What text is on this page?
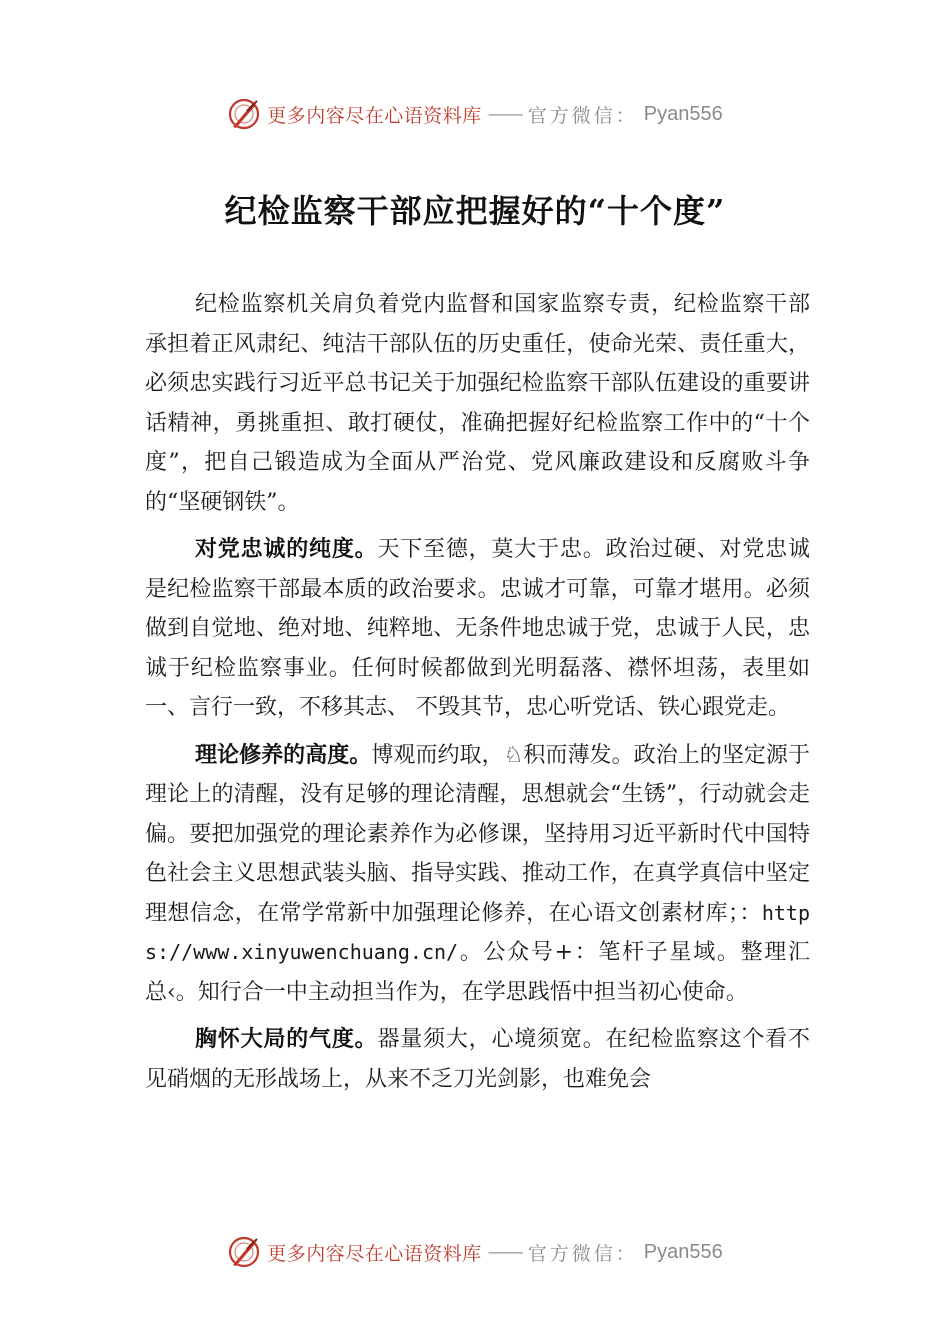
更多内容尽在心语资料库 —— 官方微信： Pyan556
纪检监察干部应把握好的“十个度”

纪检监察机关肩负着党内监督和国家监察专责，纪检监察干部承担着正风肃纪、纯洁干部队伍的历史重任，使命光荣、责任重大，必须忠实践行习近平总书记关于加强纪检监察干部队伍建设的重要讲话精神，勇挑重担、敢打硬仗，准确把握好纪检监察工作中的“十个度”，把自己锻造成为全面从严治党、党风廉政建设和反腐败斗争的“坚硬钢铁”。

对党忠诚的纯度。天下至德，莫大于忠。政治过硬、对党忠诚是纪检监察干部最本质的政治要求。忠诚才可靠，可靠才堪用。必须做到自觉地、绝对地、纯粹地、无条件地忠诚于党，忠诚于人民，忠诚于纪检监察事业。任何时候都做到光明磊落、襟怀坦荡，表里如一、言行一致，不移其志、 不毁其节，忠心听党话、铁心跟党走。

理论修养的高度。博观而约取，♘积而薄发。政治上的坚定源于理论上的清醒，没有足够的理论清醒，思想就会“生锈”，行动就会走偏。要把加强党的理论素养作为必修课，坚持用习近平新时代中国特色社会主义思想武装头脑、指导实践、推动工作，在真学真信中坚定理想信念，在常学常新中加强理论修养，在心语文创素材库；：https://www.xinyuwenchuang.cn/。公众号+：笔杆子星域。整理汇总‹。知行合一中主动担当作为，在学思践悟中担当初心使命。

胸怀大局的气度。器量须大，心境须宽。在纪检监察这个看不见硝烟的无形战场上，从来不乏刀光剑影，也难免会

更多内容尽在心语资料库 —— 官方微信： Pyan556
